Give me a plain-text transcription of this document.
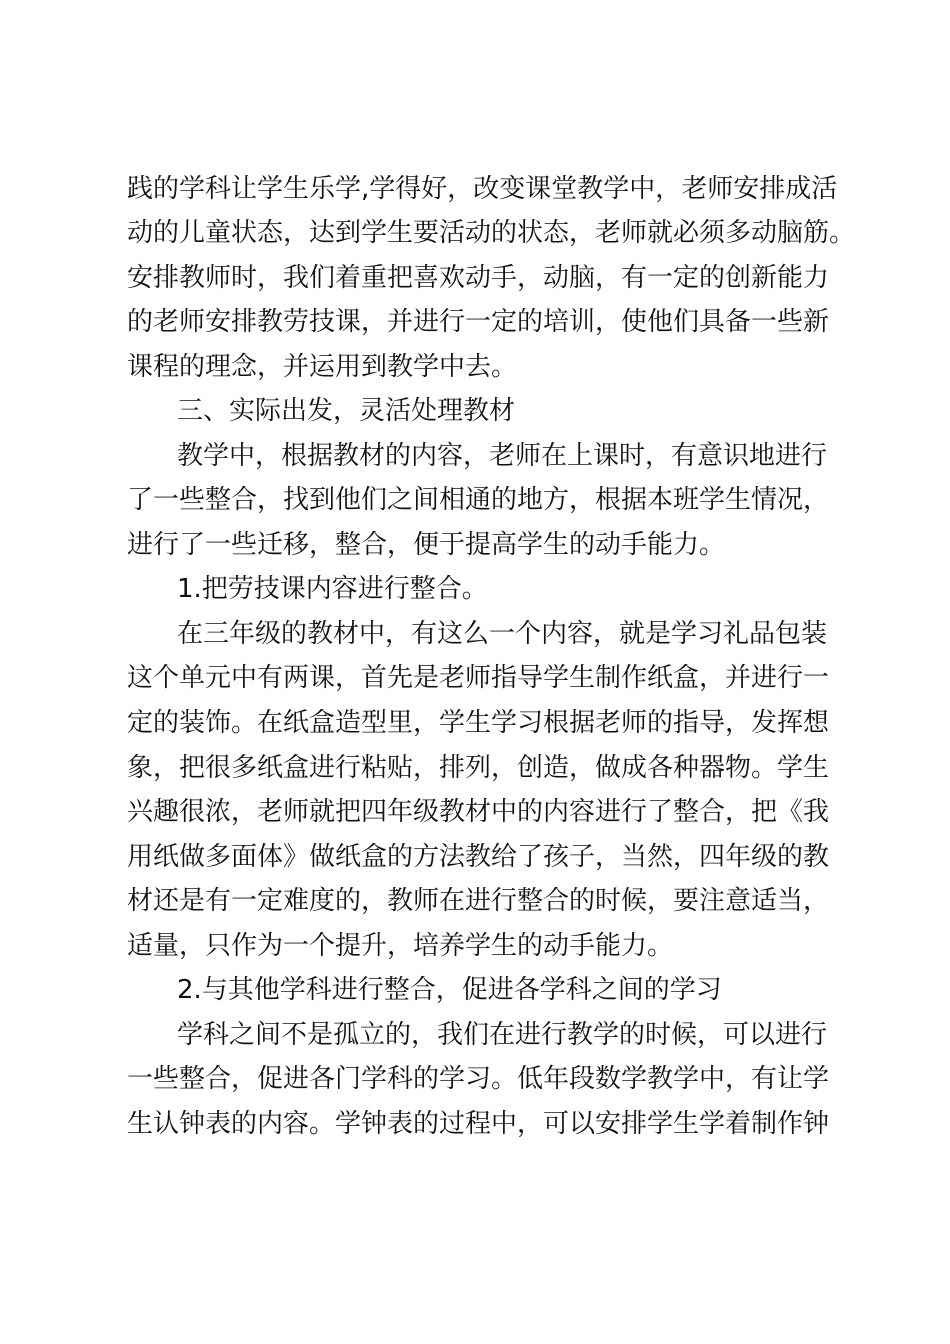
践的学科让学生乐学,学得好，改变课堂教学中，老师安排成活
动的儿童状态，达到学生要活动的状态，老师就必须多动脑筋。
安排教师时，我们着重把喜欢动手，动脑，有一定的创新能力
的老师安排教劳技课，并进行一定的培训，使他们具备一些新
课程的理念，并运用到教学中去。
三、实际出发，灵活处理教材
教学中，根据教材的内容，老师在上课时，有意识地进行
了一些整合，找到他们之间相通的地方，根据本班学生情况，
进行了一些迁移，整合，便于提高学生的动手能力。
1.把劳技课内容进行整合。
在三年级的教材中，有这么一个内容，就是学习礼品包装
这个单元中有两课，首先是老师指导学生制作纸盒，并进行一
定的装饰。在纸盒造型里，学生学习根据老师的指导，发挥想
象，把很多纸盒进行粘贴，排列，创造，做成各种器物。学生
兴趣很浓，老师就把四年级教材中的内容进行了整合，把《我
用纸做多面体》做纸盒的方法教给了孩子，当然，四年级的教
材还是有一定难度的，教师在进行整合的时候，要注意适当，
适量，只作为一个提升，培养学生的动手能力。
2.与其他学科进行整合，促进各学科之间的学习
学科之间不是孤立的，我们在进行教学的时候，可以进行
一些整合，促进各门学科的学习。低年段数学教学中，有让学
生认钟表的内容。学钟表的过程中，可以安排学生学着制作钟
